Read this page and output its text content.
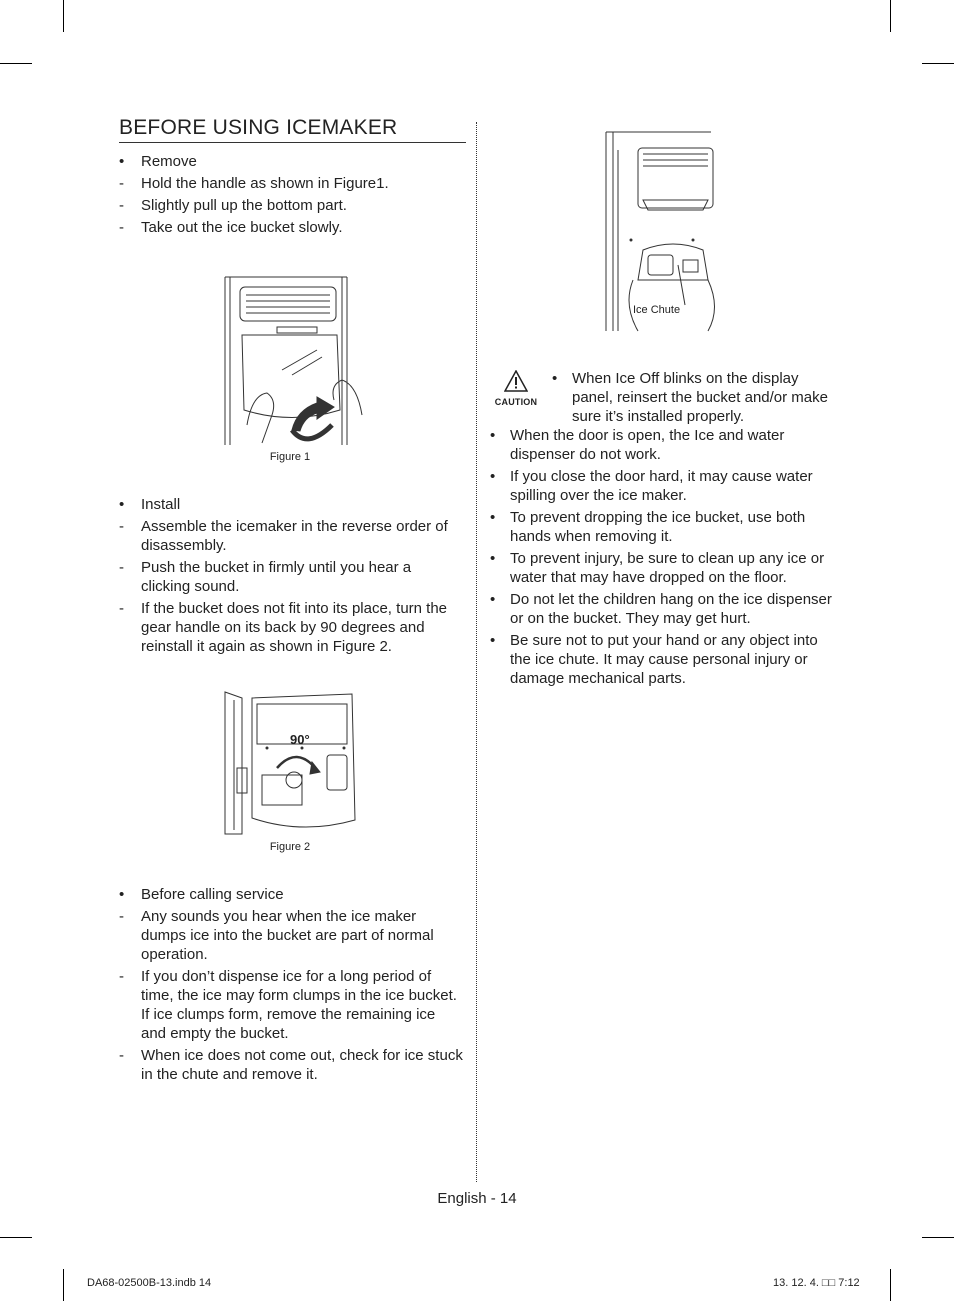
BEFORE USING ICEMAKER
•	Remove
-	Hold the handle as shown in Figure1.
-	Slightly pull up the bottom part.
-	Take out the ice bucket slowly.
Figure 1
•	Install
-	Assemble the icemaker in the reverse order of disassembly.
-	Push the bucket in firmly until you hear a clicking sound.
-	If the bucket does not fit into its place, turn the gear handle on its back by 90 degrees and reinstall it again as shown in Figure 2.
90°
Figure 2
•	Before calling service
-	Any sounds you hear when the ice maker dumps ice into the bucket are part of normal operation.
-	If you don’t dispense ice for a long period of time, the ice may form clumps in the ice bucket. If ice clumps form, remove the remaining ice and empty the bucket.
-	When ice does not come out, check for ice stuck in the chute and remove it.
Ice Chute
CAUTION
• When Ice Off blinks on the display panel, reinsert the bucket and/or make sure it’s installed properly.
• When the door is open, the Ice and water dispenser do not work.
• If you close the door hard, it may cause water spilling over the ice maker.
• To prevent dropping the ice bucket, use both hands when removing it.
• To prevent injury, be sure to clean up any ice or water that may have dropped on the floor.
• Do not let the children hang on the ice dispenser or on the bucket. They may get hurt.
• Be sure not to put your hand or any object into the ice chute. It may cause personal injury or damage mechanical parts.
English - 14
DA68-02500B-13.indb 14	13. 12. 4. □□ 7:12
